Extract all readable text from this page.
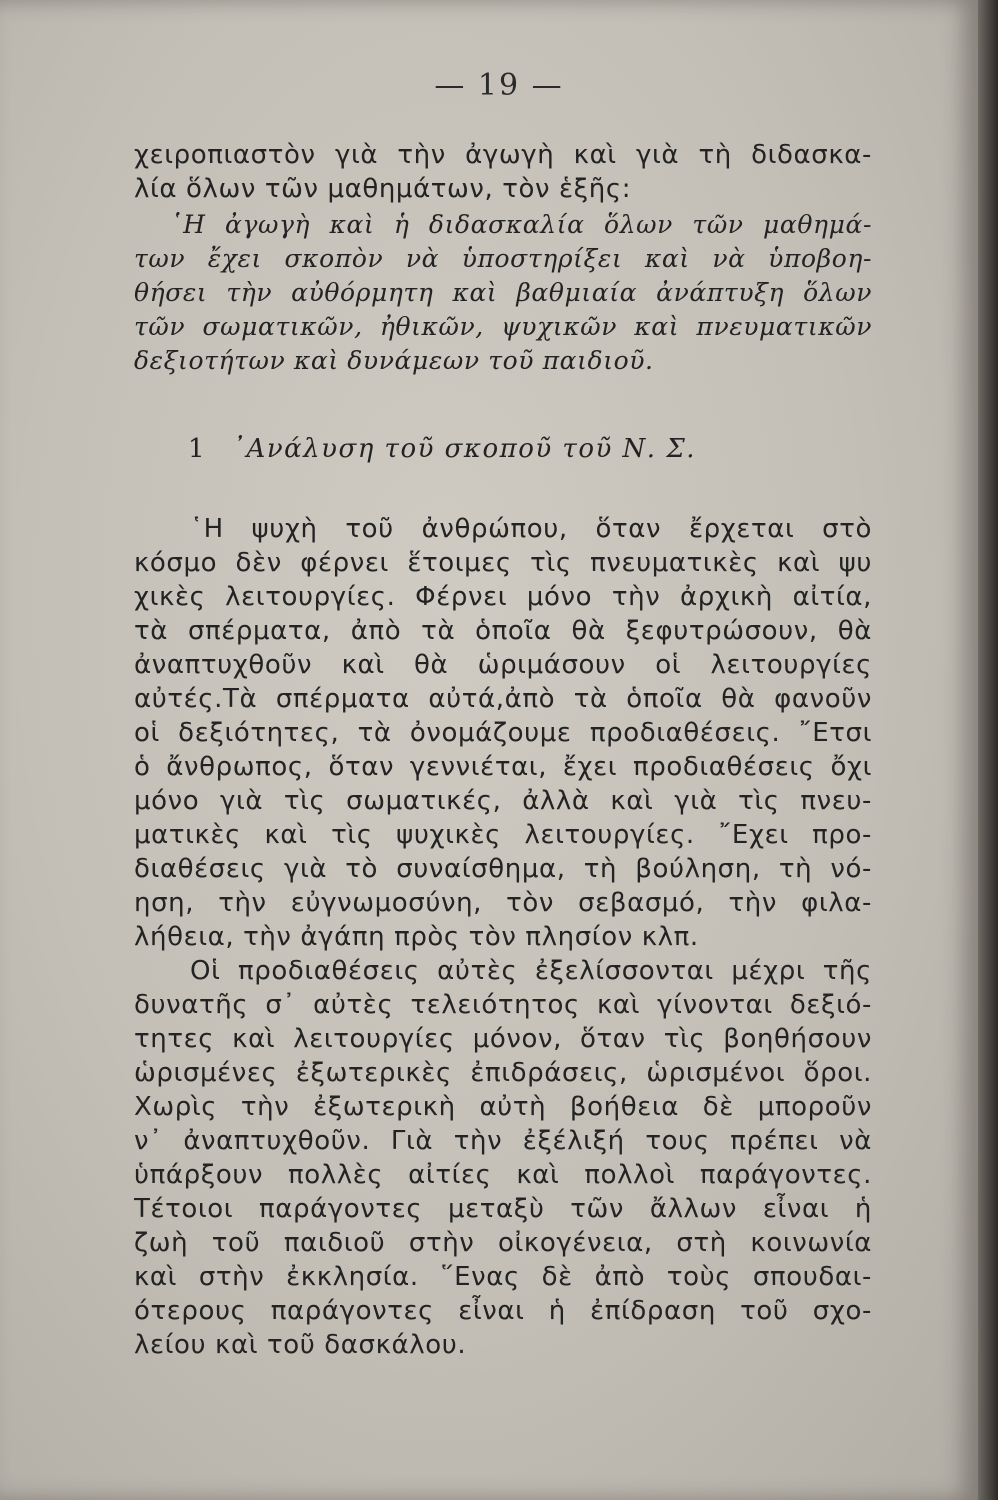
— 19 —
χειροπιαστὸν γιὰ τὴν ἀγωγὴ καὶ γιὰ τὴ διδασκα-
λία ὅλων τῶν μαθημάτων, τὸν ἑξῆς:
῾Η ἀγωγὴ καὶ ἡ διδασκαλία ὅλων τῶν μαθημά-
των ἔχει σκοπὸν νὰ ὑποστηρίξει καὶ νὰ ὑποβοη-
θήσει τὴν αὐθόρμητη καὶ βαθμιαία ἀνάπτυξη ὅλων
τῶν σωματικῶν, ἠθικῶν, ψυχικῶν καὶ πνευματικῶν
δεξιοτήτων καὶ δυνάμεων τοῦ παιδιοῦ.
1 ᾿Ανάλυση τοῦ σκοποῦ τοῦ Ν. Σ.
῾Η ψυχὴ τοῦ ἀνθρώπου, ὅταν ἔρχεται στὸ
κόσμο δὲν φέρνει ἕτοιμες τὶς πνευματικὲς καὶ ψυ
χικὲς λειτουργίες. Φέρνει μόνο τὴν ἀρχικὴ αἰτία,
τὰ σπέρματα, ἀπὸ τὰ ὁποῖα θὰ ξεφυτρώσουν, θὰ
ἀναπτυχθοῦν καὶ θὰ ὡριμάσουν οἱ λειτουργίες
αὐτές.Τὰ σπέρματα αὐτά,ἀπὸ τὰ ὁποῖα θὰ φανοῦν
οἱ δεξιότητες, τὰ ὀνομάζουμε προδιαθέσεις. ῎Ετσι
ὁ ἄνθρωπος, ὅταν γεννιέται, ἔχει προδιαθέσεις ὄχι
μόνο γιὰ τὶς σωματικές, ἀλλὰ καὶ γιὰ τὶς πνευ-
ματικὲς καὶ τὶς ψυχικὲς λειτουργίες. ῎Εχει προ-
διαθέσεις γιὰ τὸ συναίσθημα, τὴ βούληση, τὴ νό-
ηση, τὴν εὐγνωμοσύνη, τὸν σεβασμό, τὴν φιλα-
λήθεια, τὴν ἀγάπη πρὸς τὸν πλησίον κλπ.
Οἱ προδιαθέσεις αὐτὲς ἐξελίσσονται μέχρι τῆς
δυνατῆς σ᾿ αὐτὲς τελειότητος καὶ γίνονται δεξιό-
τητες καὶ λειτουργίες μόνον, ὅταν τὶς βοηθήσουν
ὡρισμένες ἐξωτερικὲς ἐπιδράσεις, ὡρισμένοι ὅροι.
Χωρὶς τὴν ἐξωτερικὴ αὐτὴ βοήθεια δὲ μποροῦν
ν᾿ ἀναπτυχθοῦν. Γιὰ τὴν ἐξέλιξή τους πρέπει νὰ
ὑπάρξουν πολλὲς αἰτίες καὶ πολλοὶ παράγοντες.
Τέτοιοι παράγοντες μεταξὺ τῶν ἄλλων εἶναι ἡ
ζωὴ τοῦ παιδιοῦ στὴν οἰκογένεια, στὴ κοινωνία
καὶ στὴν ἐκκλησία. ῞Ενας δὲ ἀπὸ τοὺς σπουδαι-
ότερους παράγοντες εἶναι ἡ ἐπίδραση τοῦ σχο-
λείου καὶ τοῦ δασκάλου.
